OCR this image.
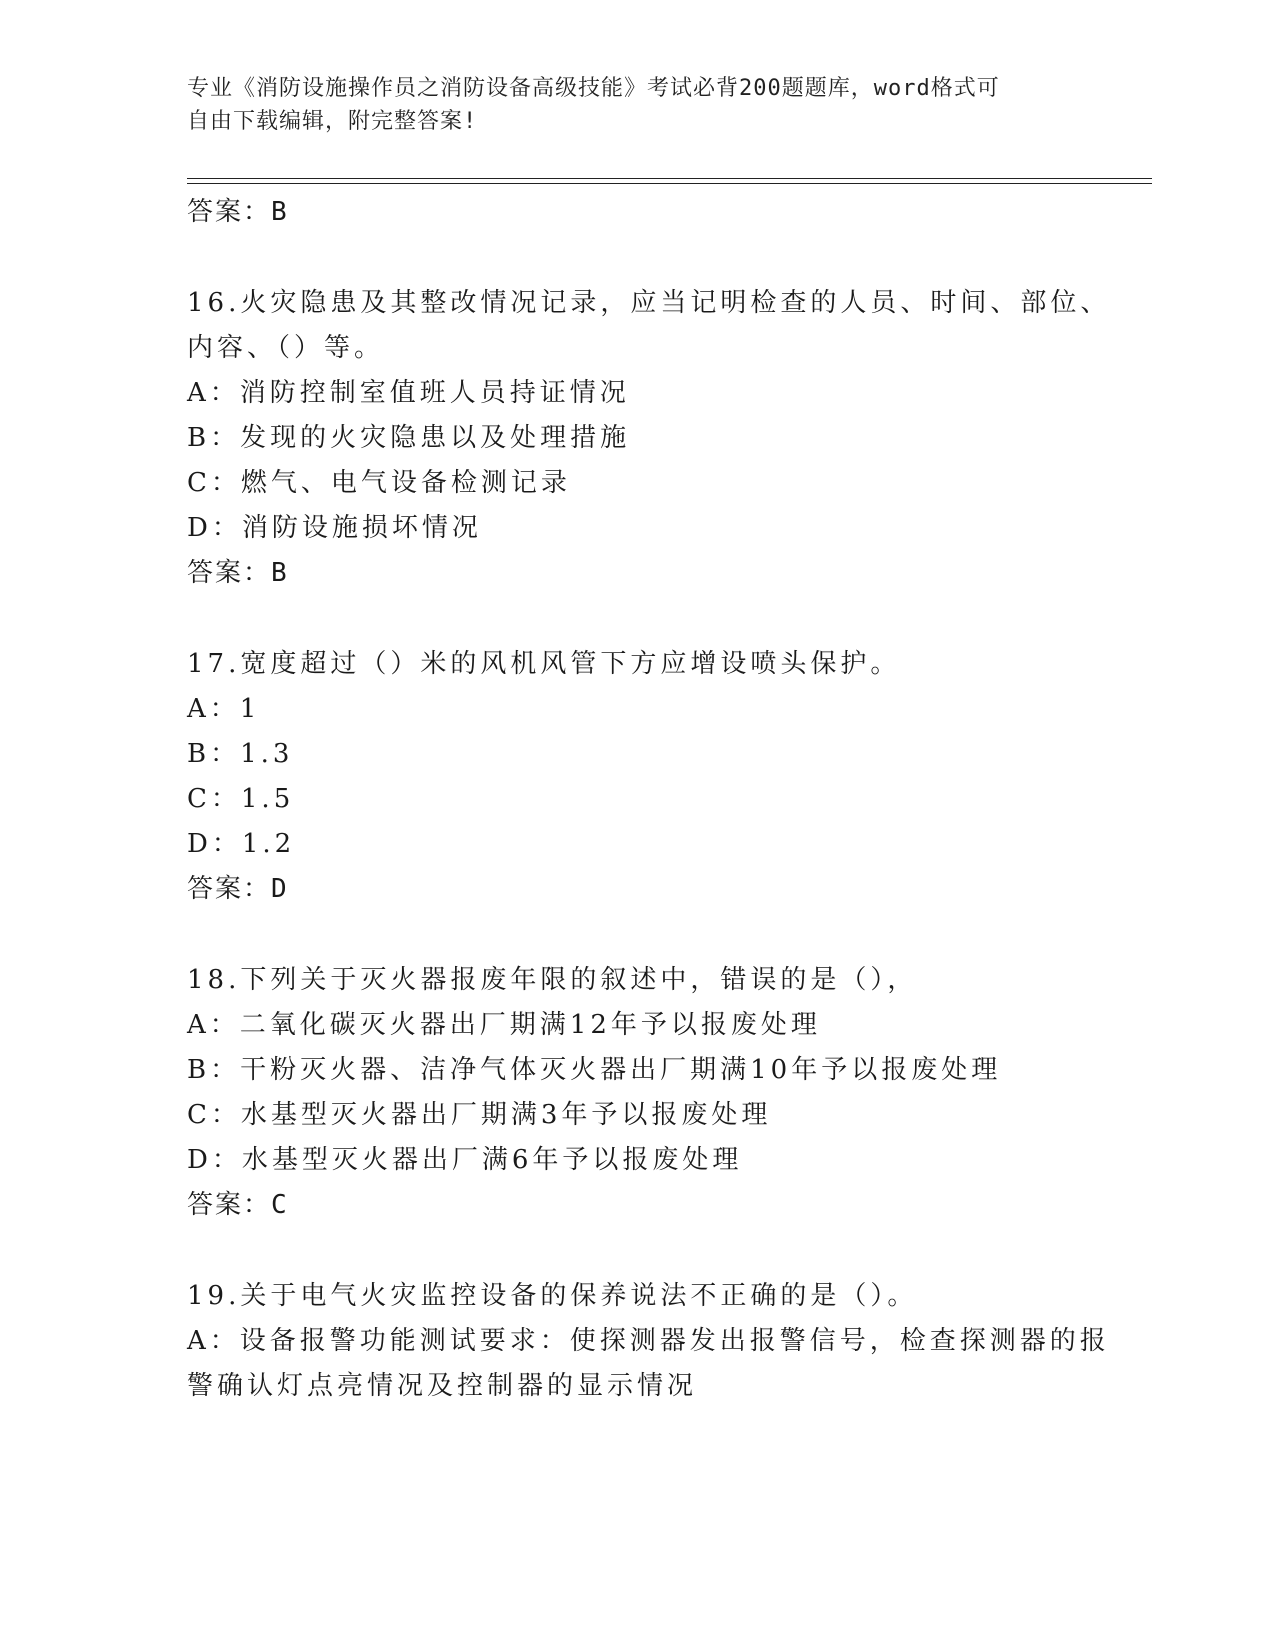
专业《消防设施操作员之消防设备高级技能》考试必背200题题库，word格式可
自由下载编辑，附完整答案!
答案：B
16.火灾隐患及其整改情况记录，应当记明检查的人员、时间、部位、
内容、（）等。
A：消防控制室值班人员持证情况
B：发现的火灾隐患以及处理措施
C：燃气、电气设备检测记录
D：消防设施损坏情况
答案：B
17.宽度超过（）米的风机风管下方应增设喷头保护。
A：1
B：1.3
C：1.5
D：1.2
答案：D
18.下列关于灭火器报废年限的叙述中，错误的是（），
A：二氧化碳灭火器出厂期满12年予以报废处理
B：干粉灭火器、洁净气体灭火器出厂期满10年予以报废处理
C：水基型灭火器出厂期满3年予以报废处理
D：水基型灭火器出厂满6年予以报废处理
答案：C
19.关于电气火灾监控设备的保养说法不正确的是（）。
A：设备报警功能测试要求：使探测器发出报警信号，检查探测器的报
警确认灯点亮情况及控制器的显示情况
